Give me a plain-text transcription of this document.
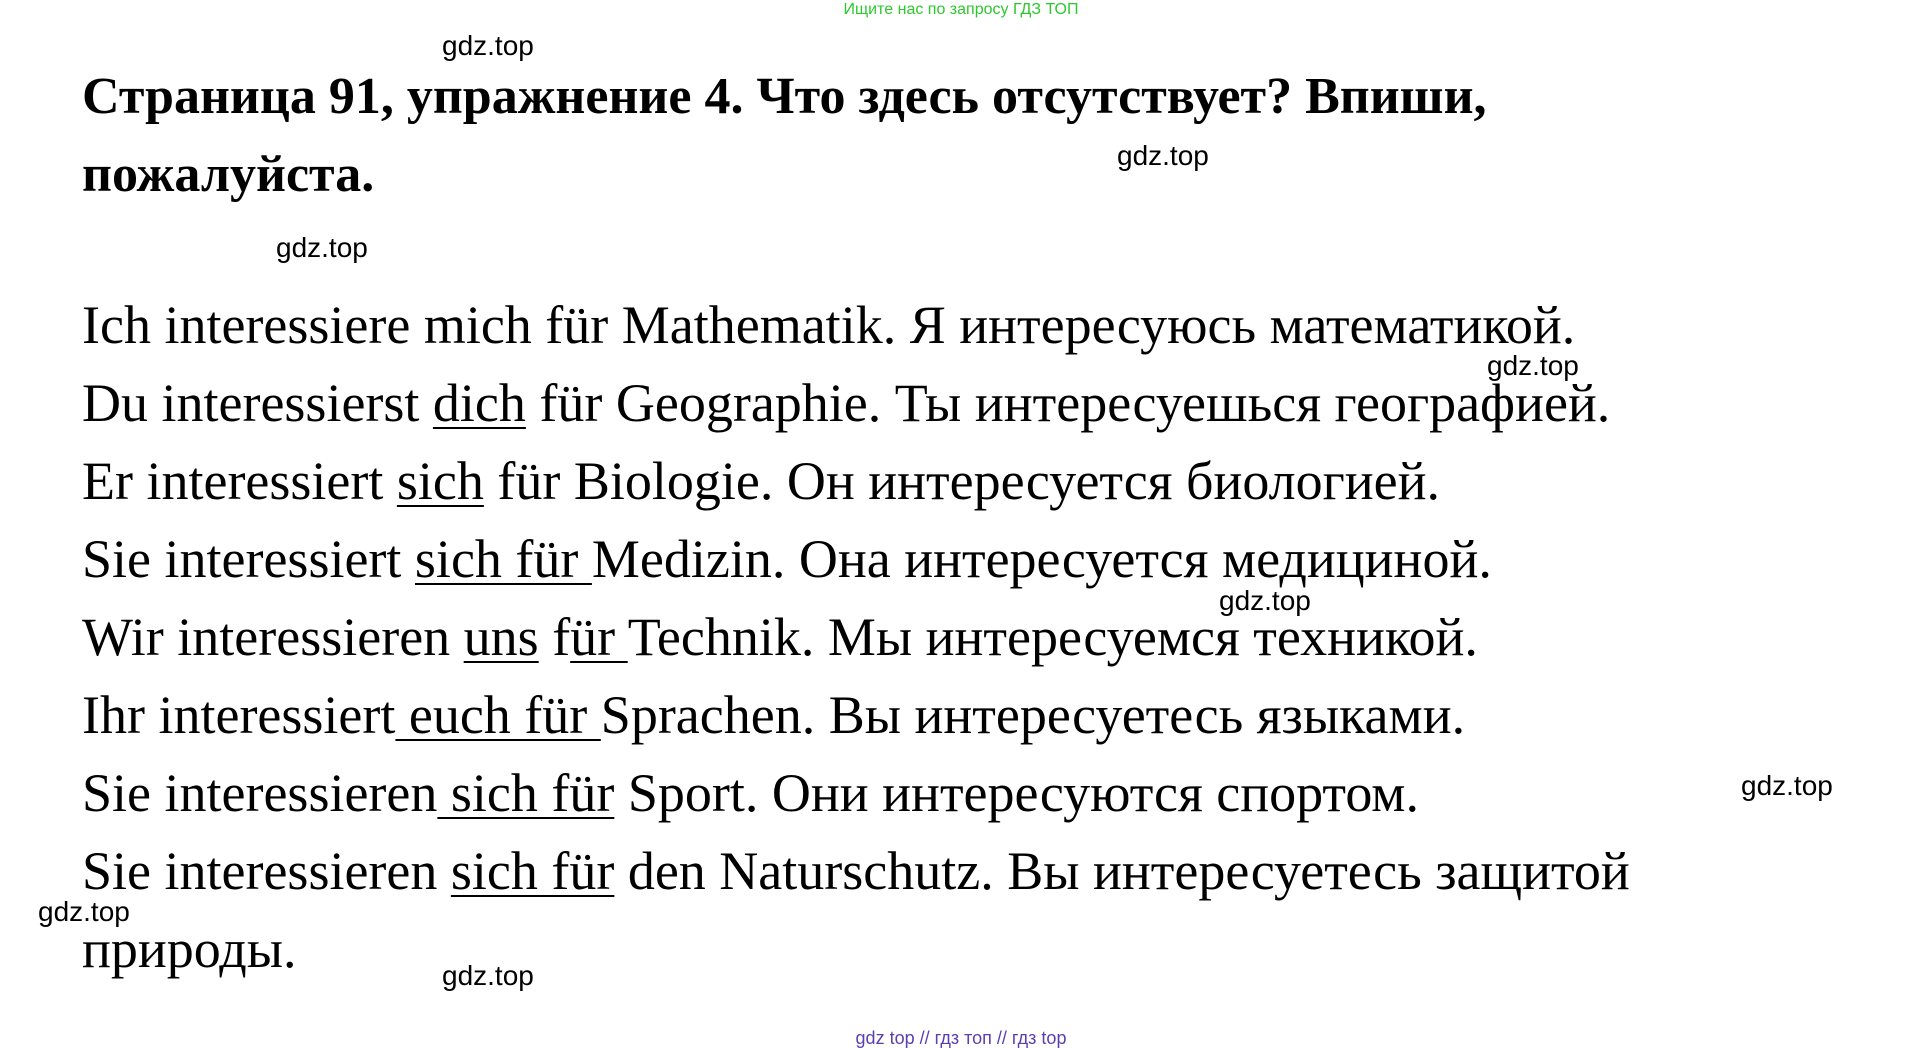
Ищите нас по запросу ГДЗ ТОП
Страница 91, упражнение 4. Что здесь отсутствует? Впиши, пожалуйста.
Ich interessiere mich für Mathematik. Я интересуюсь математикой.
Du interessierst dich für Geographie. Ты интересуешься географией.
Er interessiert sich für Biologie. Он интересуется биологией.
Sie interessiert sich für Medizin. Она интересуется медициной.
Wir interessieren uns für Technik. Мы интересуемся техникой.
Ihr interessiert euch für Sprachen. Вы интересуетесь языками.
Sie interessieren sich für Sport. Они интересуются спортом.
Sie interessieren sich für den Naturschutz. Вы интересуетесь защитой
природы.
gdz.top
gdz.top
gdz.top
gdz.top
gdz.top
gdz.top
gdz.top
gdz.top
gdz top // гдз топ // гдз top
